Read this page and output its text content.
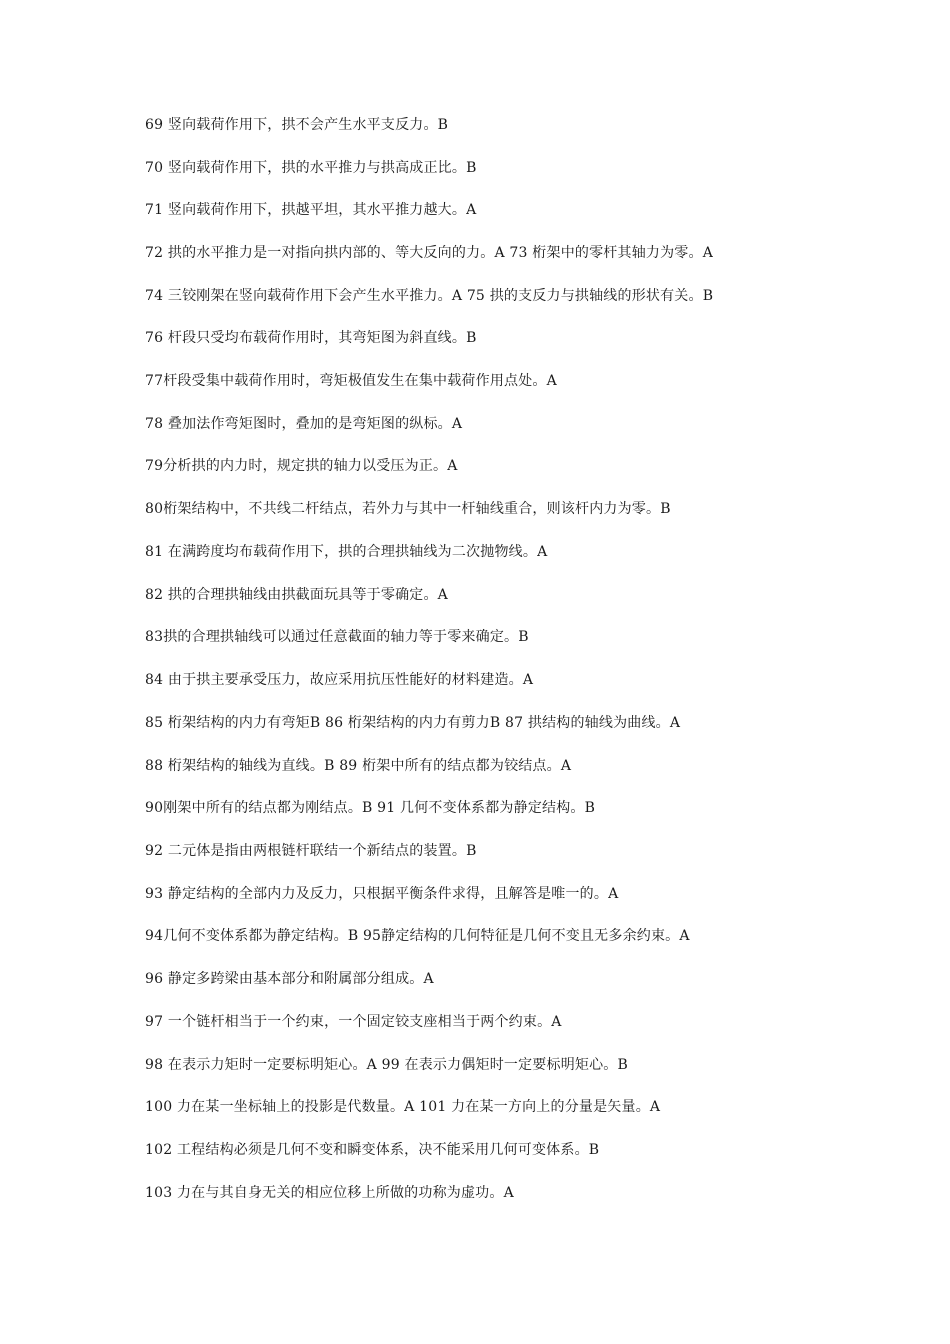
69 竖向载荷作用下，拱不会产生水平支反力。B
70 竖向载荷作用下，拱的水平推力与拱高成正比。B
71 竖向载荷作用下，拱越平坦，其水平推力越大。A
72 拱的水平推力是一对指向拱内部的、等大反向的力。A 73 桁架中的零杆其轴力为零。A
74 三铰刚架在竖向载荷作用下会产生水平推力。A 75 拱的支反力与拱轴线的形状有关。B
76 杆段只受均布载荷作用时，其弯矩图为斜直线。B
77杆段受集中载荷作用时，弯矩极值发生在集中载荷作用点处。A
78 叠加法作弯矩图时，叠加的是弯矩图的纵标。A
79分析拱的内力时，规定拱的轴力以受压为正。A
80桁架结构中，不共线二杆结点，若外力与其中一杆轴线重合，则该杆内力为零。B
81 在满跨度均布载荷作用下，拱的合理拱轴线为二次抛物线。A
82 拱的合理拱轴线由拱截面玩具等于零确定。A
83拱的合理拱轴线可以通过任意截面的轴力等于零来确定。B
84 由于拱主要承受压力，故应采用抗压性能好的材料建造。A
85 桁架结构的内力有弯矩B 86 桁架结构的内力有剪力B 87 拱结构的轴线为曲线。A
88 桁架结构的轴线为直线。B 89 桁架中所有的结点都为铰结点。A
90刚架中所有的结点都为刚结点。B 91 几何不变体系都为静定结构。B
92 二元体是指由两根链杆联结一个新结点的装置。B
93 静定结构的全部内力及反力，只根据平衡条件求得，且解答是唯一的。A
94几何不变体系都为静定结构。B 95静定结构的几何特征是几何不变且无多余约束。A
96 静定多跨梁由基本部分和附属部分组成。A
97 一个链杆相当于一个约束，一个固定铰支座相当于两个约束。A
98 在表示力矩时一定要标明矩心。A 99 在表示力偶矩时一定要标明矩心。B
100 力在某一坐标轴上的投影是代数量。A 101 力在某一方向上的分量是矢量。A
102 工程结构必须是几何不变和瞬变体系，决不能采用几何可变体系。B
103 力在与其自身无关的相应位移上所做的功称为虚功。A
